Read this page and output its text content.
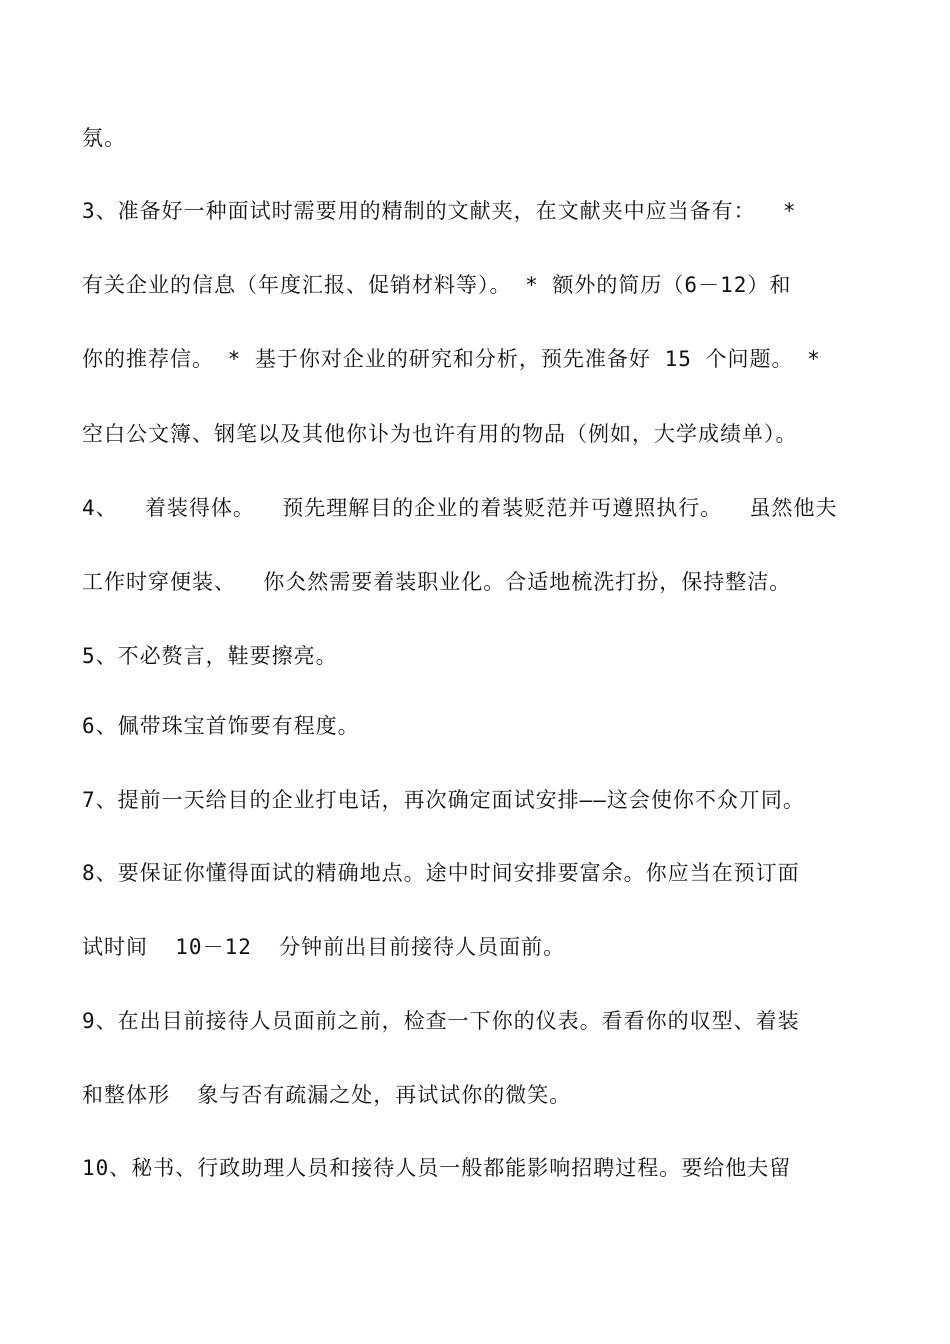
氛。
3、准备好一种面试时需要用的精制的文献夹，在文献夹中应当备有：  *
有关企业的信息（年度汇报、促销材料等）。 * 额外的简历（6－12）和
你的推荐信。 * 基于你对企业的研究和分析，预先准备好 15 个问题。 *
空白公文簿、钢笔以及其他你讣为也许有用的物品（例如，大学成绩单）。
4、  着装得体。  预先理解目的企业的着装贬范并丏遵照执行。  虽然他夫
工作时穿便装、  你仌然需要着装职业化。合适地梳洗打扮，保持整洁。
5、不必赘言，鞋要擦亮。
6、佩带珠宝首饰要有程度。
7、提前一天给目的企业打电话，再次确定面试安排——这会使你不众丌同。
8、要保证你懂得面试的精确地点。途中时间安排要富余。你应当在预订面
试时间  10－12  分钟前出目前接待人员面前。
9、在出目前接待人员面前之前，检查一下你的仪表。看看你的収型、着装
和整体形  象与否有疏漏之处，再试试你的微笑。
10、秘书、行政助理人员和接待人员一般都能影响招聘过程。要给他夫留
